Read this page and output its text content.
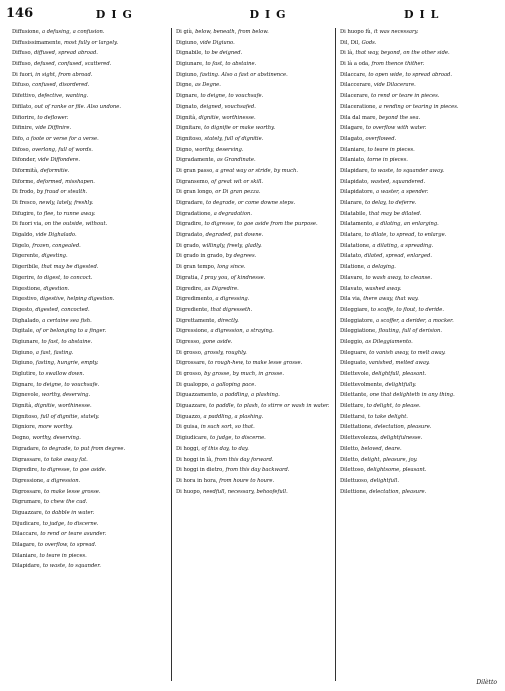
146	DIG	DIG	DIL

Diffusione, a defusing, a confusion.

Diffusissimamente, most fully or largely.

Diffuso, diffused, spread abroad.

Diffuso, defused, confused, scattered.

Di fuori, in sight, from abroad.

Difuso, confused, disordered.

Difettivo, defective, wanting.

Difilato, out of ranke or file. Also undone.

Difiorire, to deflower.

Difinire, vide Diffinire.

Difo, a foote or verse for a verse.

Difoso, overlong, full of words.

Difonder, vide Diffondere.

Diformità, deformitie.

Diforme, deformed, misshapen.

Di frodo, by fraud or stealth.

Di fresco, newly, lately, freshly.

Difugire, to flee, to runne away.

Di fuori via, on the outside, without.

Digaldo, vide Dighalado.

Digelo, frozen, congealed.

Digerente, digesting.

Digeribile, that may be digested.

Digerire, to digest, to concoct.

Digestione, digestion.

Digestivo, digestive, helping digestion.

Digesto, digested, concocted.

Dighalado, a certaine sea fish.

Digitale, of or belonging to a finger.

Digiunare, to fast, to abstaine.

Digiuno, a fast, fasting.

Digiuno, fasting, hungrie, empty.

Diglutire, to swallow down.

Dignare, to deigne, to vouchsafe.

Dignevole, worthy, deserving.

Dignità, dignitie, worthinesse.

Dignitoso, full of dignitie, stately.

Digniore, more worthy.

Degno, worthy, deserving.

Digradare, to degrade, to put from degree.

Digrassare, to take away fat.

Digredire, to digresse, to goe aside.

Digressione, a digression.

Digrossare, to make lesse grosse.

Digrumare, to chew the cud.

Diguazzare, to dabble in water.

Dijudicare, to judge, to discerne.

Dilaccare, to rend or teare asunder.

Dilagare, to overflow, to spread.

Dilaniare, to teare in pieces.

Dilapidare, to waste, to squander.

Di giù, below, beneath, from below.

Digiuno, vide Digiuno.

Dignabile, to be deigned.

Digiunare, to fast, to abstaine.

Digiuno, fasting. Also a fast or abstinence.

Digne, as Degne.

Dignare, to deigne, to vouchsafe.

Dignato, deigned, vouchsafed.

Dignità, dignitie, worthinesse.

Dignitare, to dignifie or make worthy.

Dignitoso, stately, full of dignitie.

Digno, worthy, deserving.

Digradamente, as Grandinate.

Di gran passo, a great way or stride, by much.

Digransemo, of great wit or skill.

Di gran longo, or Di gran pezza.

Digradare, to degrade, or come downe steps.

Digradatione, a degradation.

Digradire, to digresse, to goe aside from the purpose.

Digradato, degraded, put downe.

Di grado, willingly, freely, gladly.

Di grado in grado, by degrees.

Di gran tempo, long since.

Digratia, I pray you, of kindnesse.

Digredire, as Digredire.

Digredimento, a digressing.

Digrediente, that digresseth.

Digrettamente, directly.

Digressione, a digression, a straying.

Digresso, gone aside.

Di grosso, grossly, roughly.

Digrossare, to rough-hew, to make lesse grosse.

Di grosso, by grosse, by much, in grosse.

Di gualoppo, a galloping pace.

Diguazzamento, a paddling, a plashing.

Diguazzare, to paddle, to plash, to stirre or wash in water.

Diguazzo, a paddling, a plashing.

Di guisa, in such sort, so that.

Digiudicare, to judge, to discerne.

Di hoggi, of this day, to day.

Di hoggi in là, from this day forward.

Di hoggi in dietro, from this day backward.

Di hora in hora, from houre to houre.

Di huopo, needfull, necessary, behoofefull.

Di huopo fù, it was necessary.

Dil, Dil, Gods.

Di là, that way, beyond, on the other side.

Di là a oda, from thence thither.

Dilaccare, to open wide, to spread abroad.

Dilaccerare, vide Dilacerare.

Dilacerare, to rend or teare in pieces.

Dilaceratione, a rending or tearing in pieces.

Dila dal mare, beyond the sea.

Dilagare, to overflow with water.

Dilagato, overflowed.

Dilaniare, to teare in pieces.

Dilaniato, torne in pieces.

Dilapidare, to waste, to squander away.

Dilapidato, wasted, squandered.

Dilapidatore, a waster, a spender.

Dilarare, to delay, to deferre.

Dilatabile, that may be dilated.

Dilatamento, a dilating, an enlarging.

Dilatare, to dilate, to spread, to enlarge.

Dilatatione, a dilating, a spreading.

Dilatato, dilated, spread, enlarged.

Dilatione, a delaying.

Dilavare, to wash away, to cleanse.

Dilavato, washed away.

Dila via, there away, that way.

Dileggiare, to scoffe, to flout, to deride.

Dileggiatore, a scoffer, a derider, a mocker.

Dileggiatione, flouting, full of derision.

Dileggio, as Dileggiamento.

Dileguare, to vanish away, to melt away.

Dileguato, vanished, melted away.

Dilettevole, delightfull, pleasant.

Dilettevolmente, delightfully.

Dilettante, one that delighteth in any thing.

Dilettare, to delight, to please.

Dilettarsi, to take delight.

Dilettatione, delectation, pleasure.

Dilettevolezza, delightfulnesse.

Diletto, beloved, deare.

Diletto, delight, pleasure, joy.

Dilettoso, delightsome, pleasant.

Dilettuoso, delightfull.

Dilettione, delectation, pleasure.

Dilètto
